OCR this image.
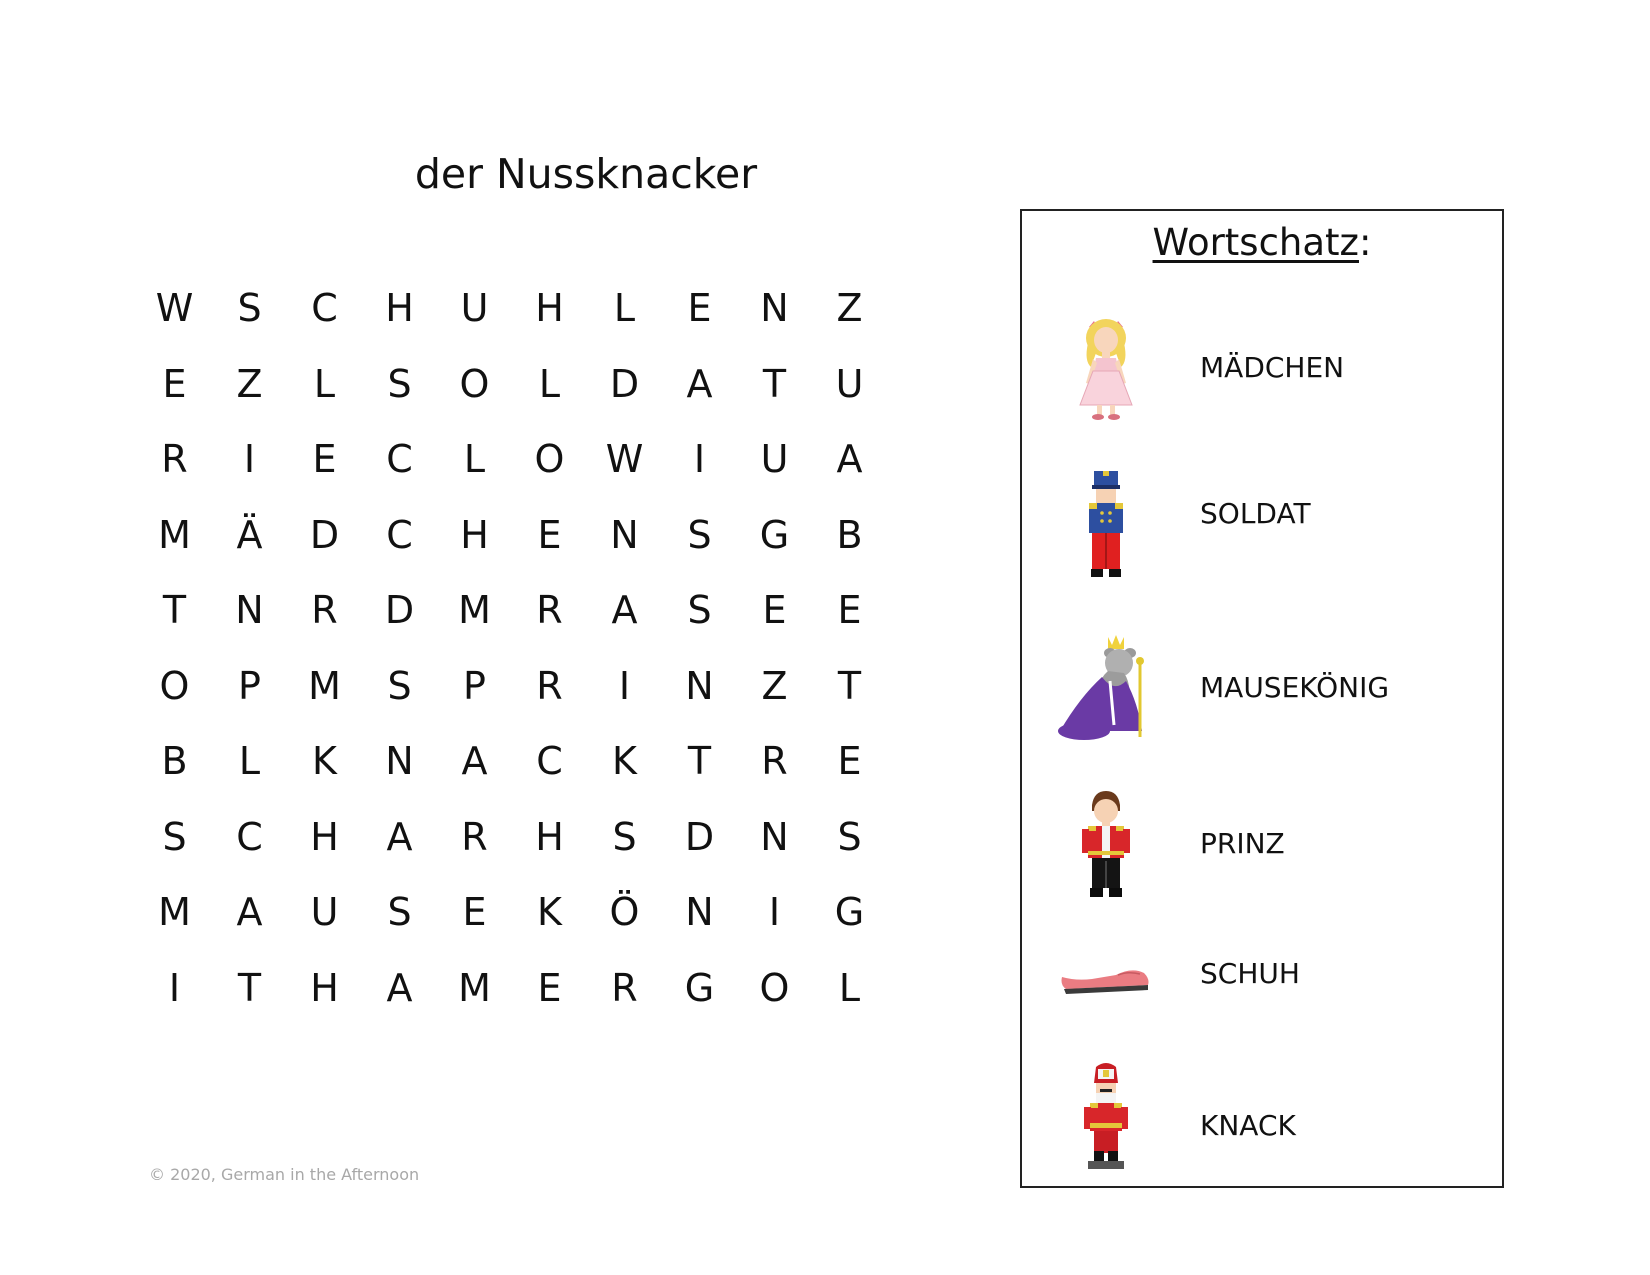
der Nussknacker
W	S	C	H	U	H	L	E	N	Z
E	Z	L	S	O	L	D	A	T	U
R	I	E	C	L	O	W	I	U	A
M	Ä	D	C	H	E	N	S	G	B
T	N	R	D	M	R	A	S	E	E
O	P	M	S	P	R	I	N	Z	T
B	L	K	N	A	C	K	T	R	E
S	C	H	A	R	H	S	D	N	S
M	A	U	S	E	K	Ö	N	I	G
I	T	H	A	M	E	R	G	O	L
© 2020, German in the Afternoon
Wortschatz:
MÄDCHEN
SOLDAT
MAUSEKÖNIG
PRINZ
SCHUH
KNACK
